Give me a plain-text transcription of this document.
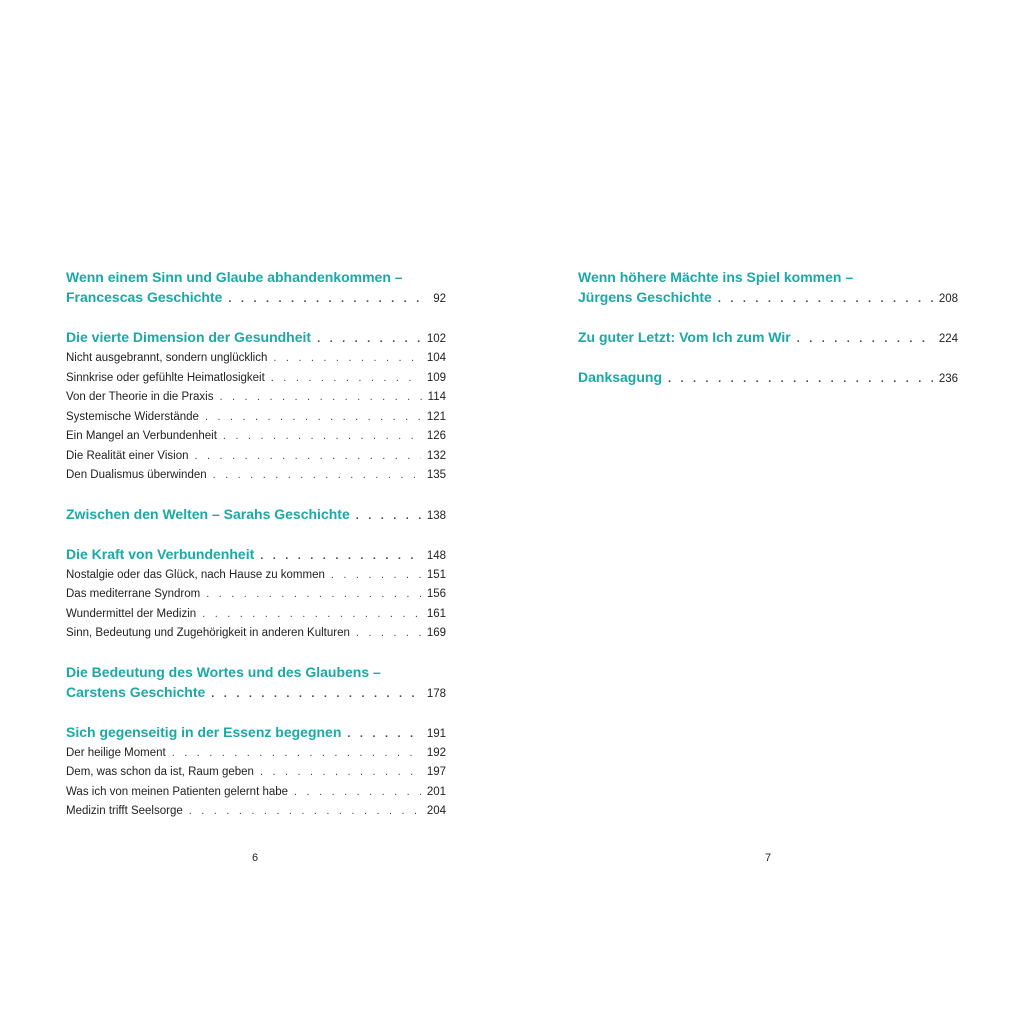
Wenn einem Sinn und Glaube abhandenkommen –
Francescas Geschichte . . .	92
Die vierte Dimension der Gesundheit . . .	102
Nicht ausgebrannt, sondern unglücklich . . .	104
Sinnkrise oder gefühlte Heimatlosigkeit . . .	109
Von der Theorie in die Praxis . . .	114
Systemische Widerstände . . .	121
Ein Mangel an Verbundenheit . . .	126
Die Realität einer Vision . . .	132
Den Dualismus überwinden . . .	135
Zwischen den Welten – Sarahs Geschichte . . .	138
Die Kraft von Verbundenheit . . .	148
Nostalgie oder das Glück, nach Hause zu kommen . . .	151
Das mediterrane Syndrom . . .	156
Wundermittel der Medizin . . .	161
Sinn, Bedeutung und Zugehörigkeit in anderen Kulturen . . .	169
Die Bedeutung des Wortes und des Glaubens –
Carstens Geschichte . . .	178
Sich gegenseitig in der Essenz begegnen . . .	191
Der heilige Moment . . .	192
Dem, was schon da ist, Raum geben . . .	197
Was ich von meinen Patienten gelernt habe . . .	201
Medizin trifft Seelsorge . . .	204
Wenn höhere Mächte ins Spiel kommen –
Jürgens Geschichte . . .	208
Zu guter Letzt: Vom Ich zum Wir . . .	224
Danksagung . . .	236
6	7
